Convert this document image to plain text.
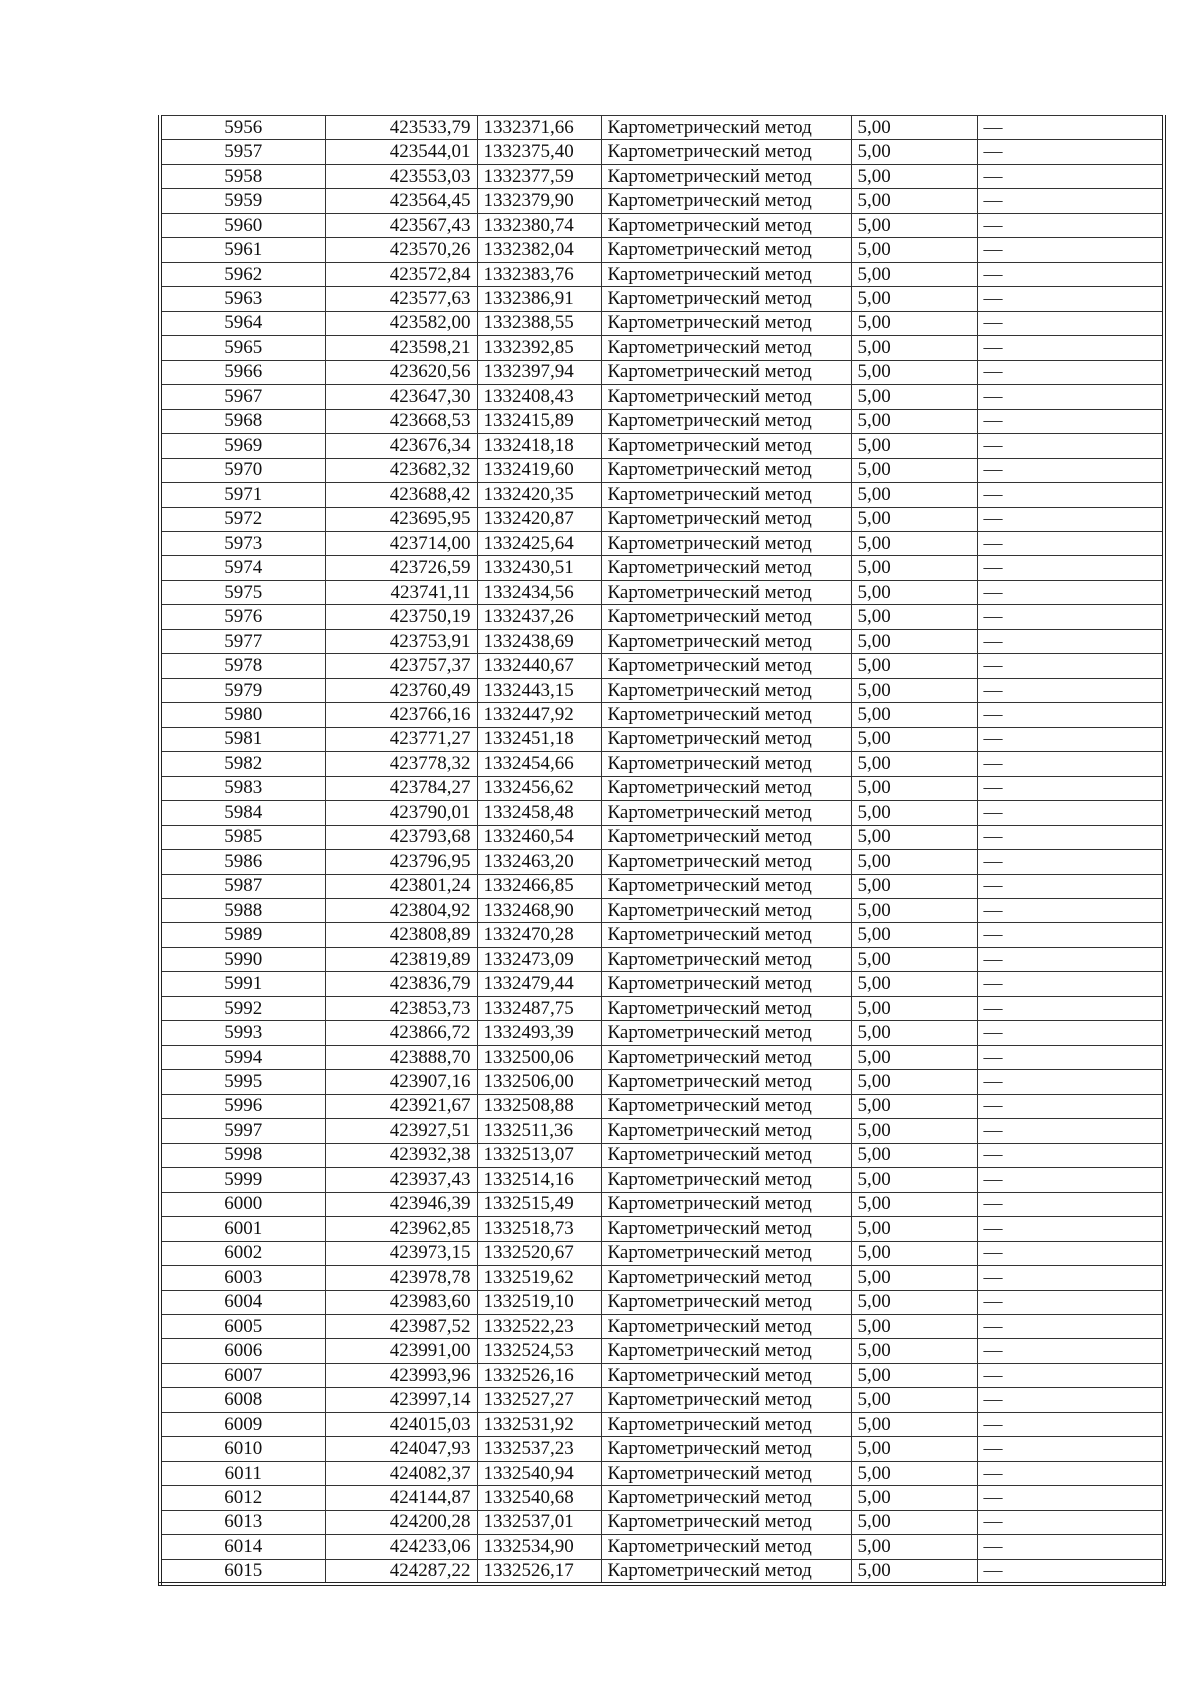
5956	423533,79	1332371,66	Картометрический метод	5,00	—
5957	423544,01	1332375,40	Картометрический метод	5,00	—
5958	423553,03	1332377,59	Картометрический метод	5,00	—
5959	423564,45	1332379,90	Картометрический метод	5,00	—
5960	423567,43	1332380,74	Картометрический метод	5,00	—
5961	423570,26	1332382,04	Картометрический метод	5,00	—
5962	423572,84	1332383,76	Картометрический метод	5,00	—
5963	423577,63	1332386,91	Картометрический метод	5,00	—
5964	423582,00	1332388,55	Картометрический метод	5,00	—
5965	423598,21	1332392,85	Картометрический метод	5,00	—
5966	423620,56	1332397,94	Картометрический метод	5,00	—
5967	423647,30	1332408,43	Картометрический метод	5,00	—
5968	423668,53	1332415,89	Картометрический метод	5,00	—
5969	423676,34	1332418,18	Картометрический метод	5,00	—
5970	423682,32	1332419,60	Картометрический метод	5,00	—
5971	423688,42	1332420,35	Картометрический метод	5,00	—
5972	423695,95	1332420,87	Картометрический метод	5,00	—
5973	423714,00	1332425,64	Картометрический метод	5,00	—
5974	423726,59	1332430,51	Картометрический метод	5,00	—
5975	423741,11	1332434,56	Картометрический метод	5,00	—
5976	423750,19	1332437,26	Картометрический метод	5,00	—
5977	423753,91	1332438,69	Картометрический метод	5,00	—
5978	423757,37	1332440,67	Картометрический метод	5,00	—
5979	423760,49	1332443,15	Картометрический метод	5,00	—
5980	423766,16	1332447,92	Картометрический метод	5,00	—
5981	423771,27	1332451,18	Картометрический метод	5,00	—
5982	423778,32	1332454,66	Картометрический метод	5,00	—
5983	423784,27	1332456,62	Картометрический метод	5,00	—
5984	423790,01	1332458,48	Картометрический метод	5,00	—
5985	423793,68	1332460,54	Картометрический метод	5,00	—
5986	423796,95	1332463,20	Картометрический метод	5,00	—
5987	423801,24	1332466,85	Картометрический метод	5,00	—
5988	423804,92	1332468,90	Картометрический метод	5,00	—
5989	423808,89	1332470,28	Картометрический метод	5,00	—
5990	423819,89	1332473,09	Картометрический метод	5,00	—
5991	423836,79	1332479,44	Картометрический метод	5,00	—
5992	423853,73	1332487,75	Картометрический метод	5,00	—
5993	423866,72	1332493,39	Картометрический метод	5,00	—
5994	423888,70	1332500,06	Картометрический метод	5,00	—
5995	423907,16	1332506,00	Картометрический метод	5,00	—
5996	423921,67	1332508,88	Картометрический метод	5,00	—
5997	423927,51	1332511,36	Картометрический метод	5,00	—
5998	423932,38	1332513,07	Картометрический метод	5,00	—
5999	423937,43	1332514,16	Картометрический метод	5,00	—
6000	423946,39	1332515,49	Картометрический метод	5,00	—
6001	423962,85	1332518,73	Картометрический метод	5,00	—
6002	423973,15	1332520,67	Картометрический метод	5,00	—
6003	423978,78	1332519,62	Картометрический метод	5,00	—
6004	423983,60	1332519,10	Картометрический метод	5,00	—
6005	423987,52	1332522,23	Картометрический метод	5,00	—
6006	423991,00	1332524,53	Картометрический метод	5,00	—
6007	423993,96	1332526,16	Картометрический метод	5,00	—
6008	423997,14	1332527,27	Картометрический метод	5,00	—
6009	424015,03	1332531,92	Картометрический метод	5,00	—
6010	424047,93	1332537,23	Картометрический метод	5,00	—
6011	424082,37	1332540,94	Картометрический метод	5,00	—
6012	424144,87	1332540,68	Картометрический метод	5,00	—
6013	424200,28	1332537,01	Картометрический метод	5,00	—
6014	424233,06	1332534,90	Картометрический метод	5,00	—
6015	424287,22	1332526,17	Картометрический метод	5,00	—
